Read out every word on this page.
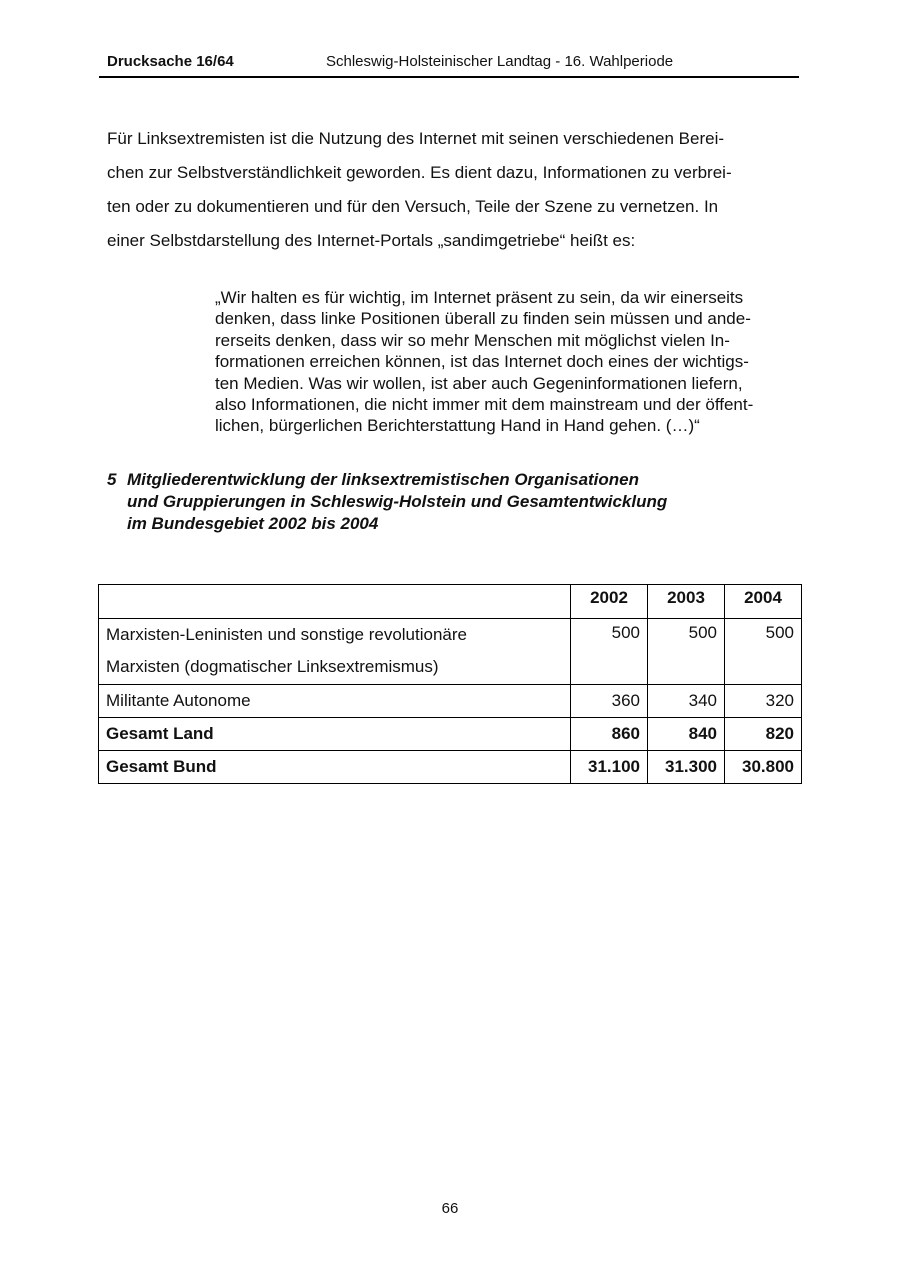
Drucksache 16/64	Schleswig-Holsteinischer Landtag - 16. Wahlperiode

Für Linksextremisten ist die Nutzung des Internet mit seinen verschiedenen Berei-
chen zur Selbstverständlichkeit geworden. Es dient dazu, Informationen zu verbrei-
ten oder zu dokumentieren und für den Versuch, Teile der Szene zu vernetzen. In
einer Selbstdarstellung des Internet-Portals „sandimgetriebe“ heißt es:

„Wir halten es für wichtig, im Internet präsent zu sein, da wir einerseits
denken, dass linke Positionen überall zu finden sein müssen und ande-
rerseits denken, dass wir so mehr Menschen mit möglichst vielen In-
formationen erreichen können, ist das Internet doch eines der wichtigs-
ten Medien. Was wir wollen, ist aber auch Gegeninformationen liefern,
also Informationen, die nicht immer mit dem mainstream und der öffent-
lichen, bürgerlichen Berichterstattung Hand in Hand gehen. (…)“

5 Mitgliederentwicklung der linksextremistischen Organisationen
und Gruppierungen in Schleswig-Holstein und Gesamtentwicklung
im Bundesgebiet 2002 bis 2004
	2002	2003	2004
Marxisten-Leninisten und sonstige revolutionäre
Marxisten (dogmatischer Linksextremismus)	500	500	500
Militante Autonome	360	340	320
Gesamt Land	860	840	820
Gesamt Bund	31.100	31.300	30.800
66
